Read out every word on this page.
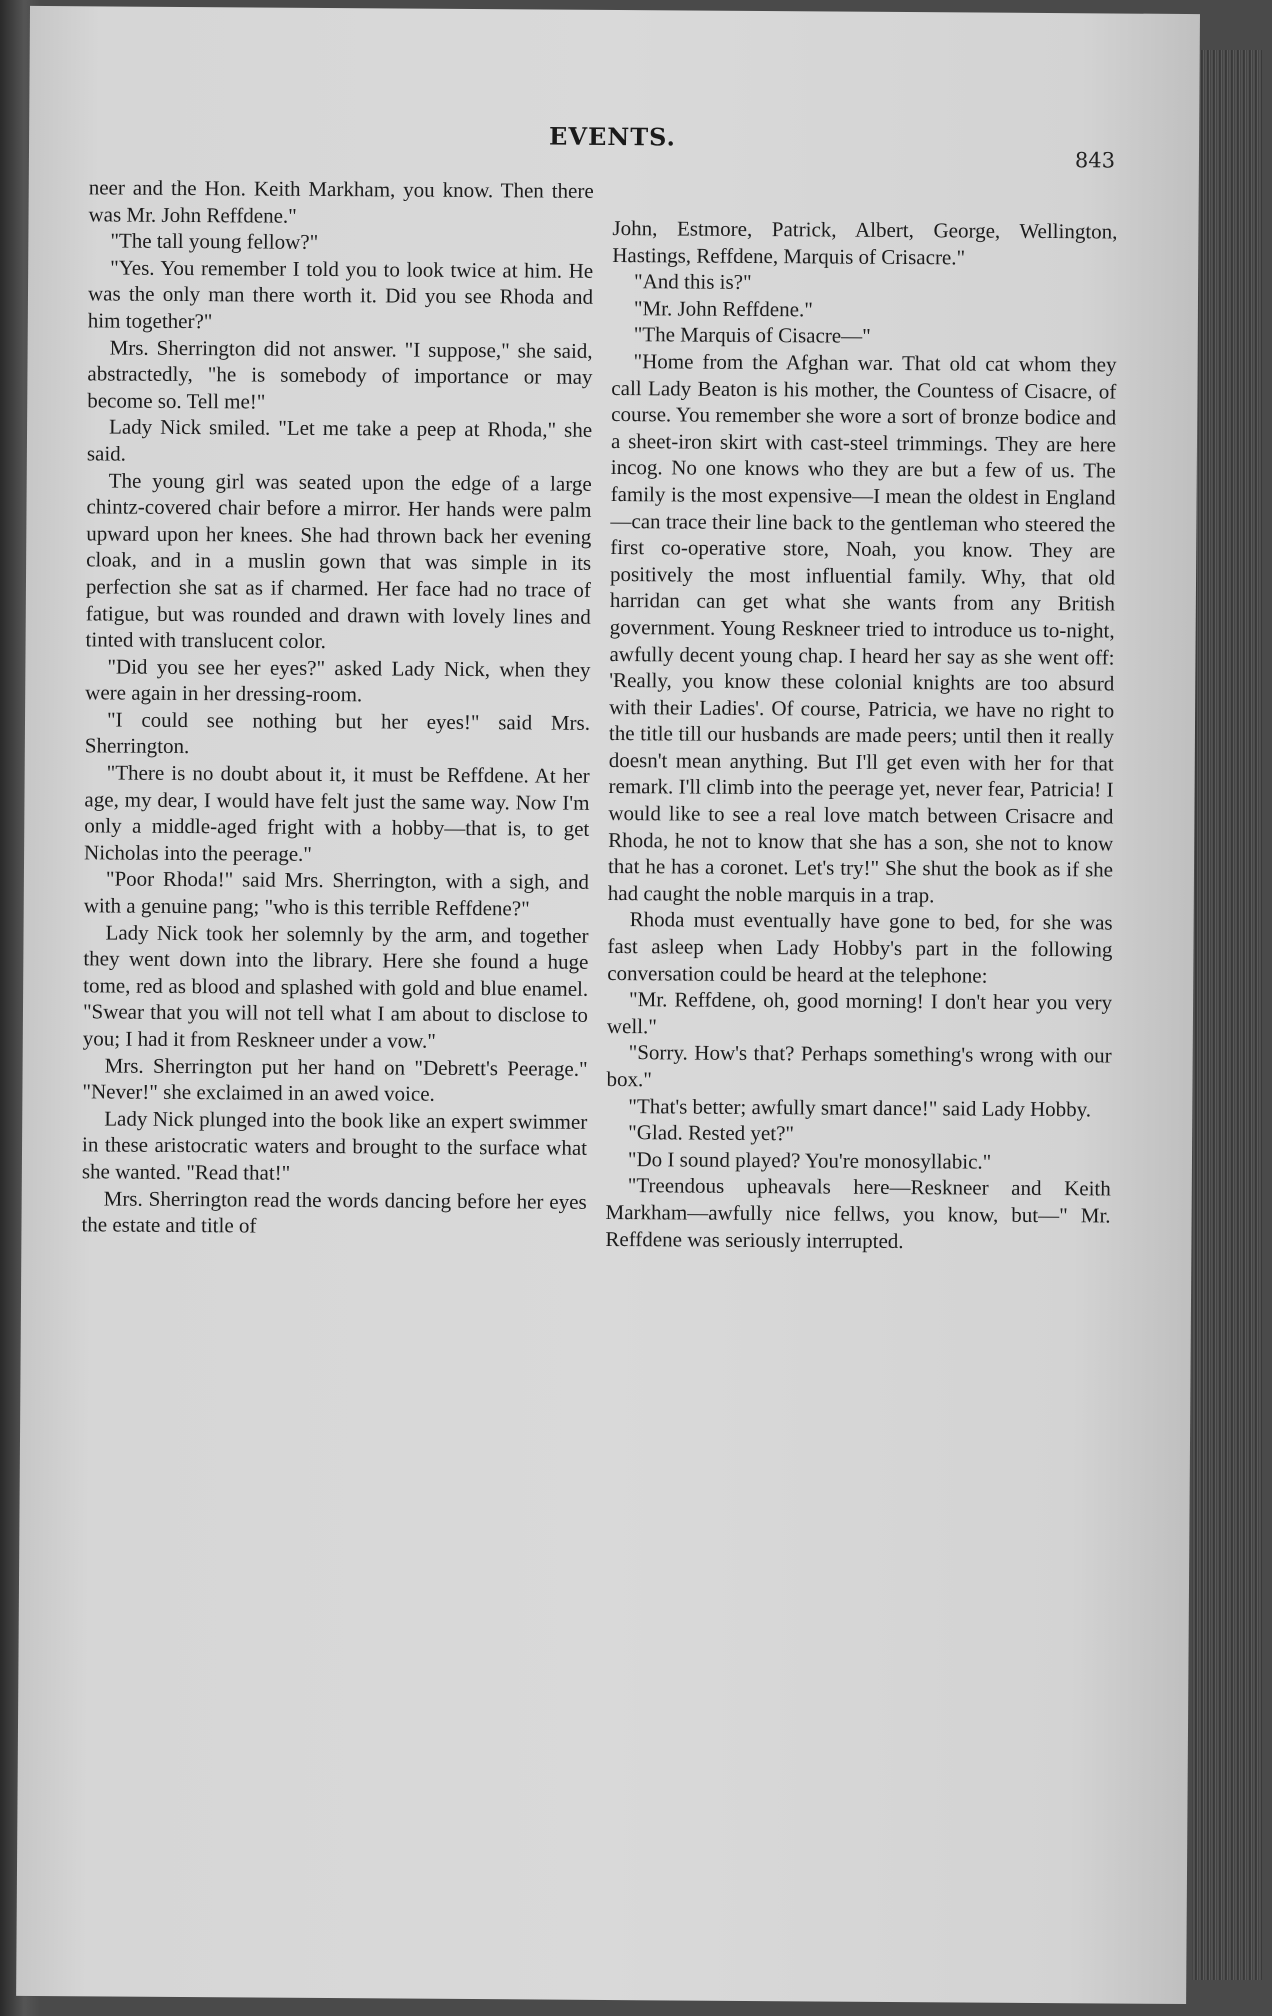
EVENTS.
843

neer and the Hon. Keith Markham, you know. Then there was Mr. John Reffdene."

"The tall young fellow?"

"Yes. You remember I told you to look twice at him. He was the only man there worth it. Did you see Rhoda and him together?"

Mrs. Sherrington did not answer. "I suppose," she said, abstractedly, "he is somebody of importance or may become so. Tell me!"

Lady Nick smiled. "Let me take a peep at Rhoda," she said.

The young girl was seated upon the edge of a large chintz-covered chair before a mirror. Her hands were palm upward upon her knees. She had thrown back her evening cloak, and in a muslin gown that was simple in its perfection she sat as if charmed. Her face had no trace of fatigue, but was rounded and drawn with lovely lines and tinted with translucent color.

"Did you see her eyes?" asked Lady Nick, when they were again in her dressing-room.

"I could see nothing but her eyes!" said Mrs. Sherrington.

"There is no doubt about it, it must be Reffdene. At her age, my dear, I would have felt just the same way. Now I'm only a middle-aged fright with a hobby—that is, to get Nicholas into the peerage."

"Poor Rhoda!" said Mrs. Sherrington, with a sigh, and with a genuine pang; "who is this terrible Reffdene?"

Lady Nick took her solemnly by the arm, and together they went down into the library. Here she found a huge tome, red as blood and splashed with gold and blue enamel. "Swear that you will not tell what I am about to disclose to you; I had it from Reskneer under a vow."

Mrs. Sherrington put her hand on "Debrett's Peerage." "Never!" she exclaimed in an awed voice.

Lady Nick plunged into the book like an expert swimmer in these aristocratic waters and brought to the surface what she wanted. "Read that!"

Mrs. Sherrington read the words dancing before her eyes the estate and title of

John, Estmore, Patrick, Albert, George, Wellington, Hastings, Reffdene, Marquis of Crisacre."

"And this is?"

"Mr. John Reffdene."

"The Marquis of Cisacre—"

"Home from the Afghan war. That old cat whom they call Lady Beaton is his mother, the Countess of Cisacre, of course. You remember she wore a sort of bronze bodice and a sheet-iron skirt with cast-steel trimmings. They are here incog. No one knows who they are but a few of us. The family is the most expensive—I mean the oldest in England—can trace their line back to the gentleman who steered the first co-operative store, Noah, you know. They are positively the most influential family. Why, that old harridan can get what she wants from any British government. Young Resknеer tried to introduce us to-night, awfully decent young chap. I heard her say as she went off: 'Really, you know these colonial knights are too absurd with their Ladies'. Of course, Patricia, we have no right to the title till our husbands are made peers; until then it really doesn't mean anything. But I'll get even with her for that remark. I'll climb into the peerage yet, never fear, Patricia! I would like to see a real love match between Crisacre and Rhoda, he not to know that she has a son, she not to know that he has a coronet. Let's try!" She shut the book as if she had caught the noble marquis in a trap.

Rhoda must eventually have gone to bed, for she was fast asleep when Lady Hobby's part in the following conversation could be heard at the telephone:

"Mr. Reffdene, oh, good morning! I don't hear you very well."

"Sorry. How's that? Perhaps something's wrong with our box."

"That's better; awfully smart dance!" said Lady Hobby.

"Glad. Rested yet?"

"Do I sound played? You're monosyllabic."

"Treendous upheavals here—Reskneer and Keith Markham—awfully nice fellws, you know, but—" Mr. Reffdene was seriously interrupted.
